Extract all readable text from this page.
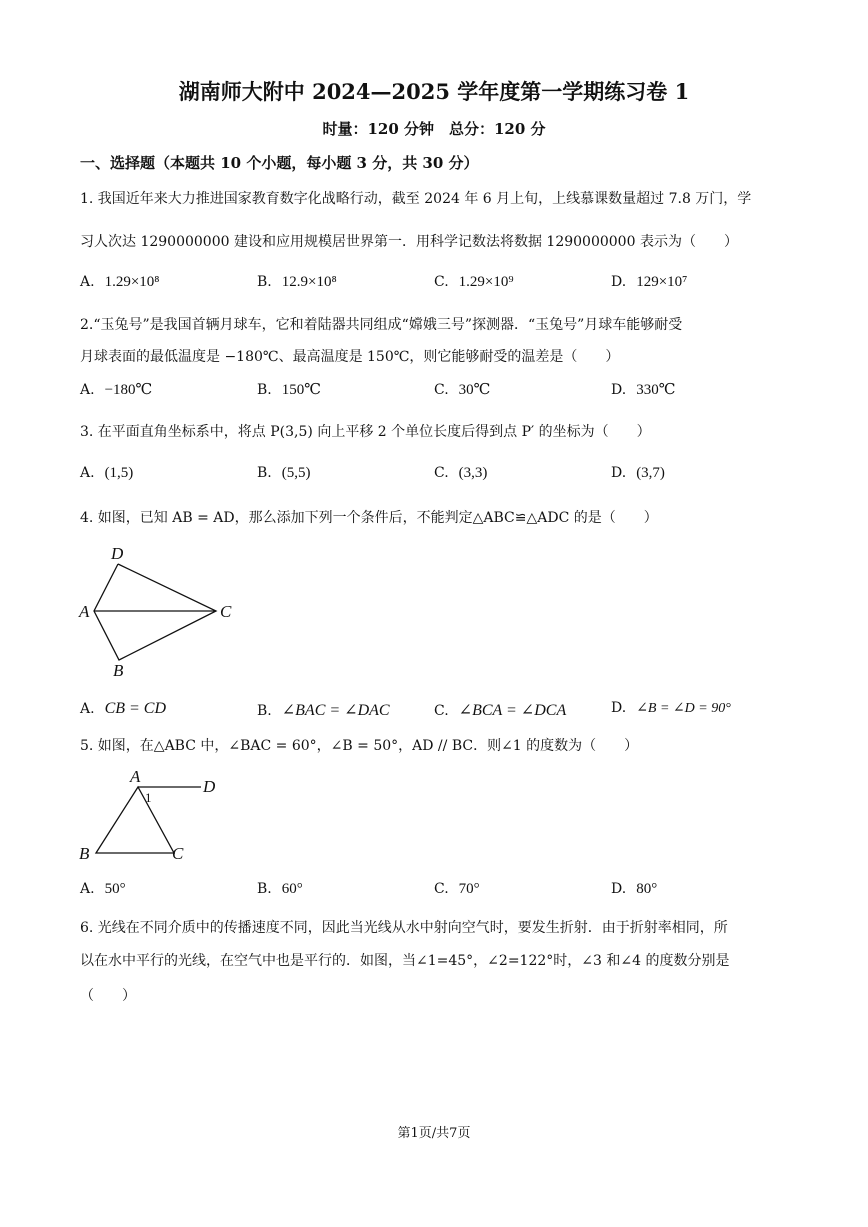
湖南师大附中 2024—2025 学年度第一学期练习卷 1
时量：120 分钟　总分：120 分
一、选择题（本题共 10 个小题，每小题 3 分，共 30 分）
1. 我国近年来大力推进国家教育数字化战略行动，截至 2024 年 6 月上旬，上线慕课数量超过 7.8 万门，学
习人次达 1290000000 建设和应用规模居世界第一．用科学记数法将数据 1290000000 表示为（　　）
A. 1.29×10⁸	B. 12.9×10⁸	C. 1.29×10⁹	D. 129×10⁷
2.“玉兔号”是我国首辆月球车，它和着陆器共同组成“嫦娥三号”探测器．“玉兔号”月球车能够耐受
月球表面的最低温度是 −180℃、最高温度是 150℃，则它能够耐受的温差是（　　）
A. −180℃	B. 150℃	C. 30℃	D. 330℃
3. 在平面直角坐标系中，将点 P(3,5) 向上平移 2 个单位长度后得到点 P′ 的坐标为（　　）
A. (1,5)	B. (5,5)	C. (3,3)	D. (3,7)
4. 如图，已知 AB = AD，那么添加下列一个条件后，不能判定△ABC≌△ADC 的是（　　）
D
A	C
B
A. CB = CD	B. ∠BAC = ∠DAC	C. ∠BCA = ∠DCA	D. ∠B = ∠D = 90°
5. 如图，在△ABC 中，∠BAC = 60°，∠B = 50°，AD // BC．则∠1 的度数为（　　）
A
D
B	C
1
A. 50°	B. 60°	C. 70°	D. 80°
6. 光线在不同介质中的传播速度不同，因此当光线从水中射向空气时，要发生折射．由于折射率相同，所
以在水中平行的光线，在空气中也是平行的．如图，当∠1=45°，∠2=122°时，∠3 和∠4 的度数分别是
（　　）
第1页/共7页
